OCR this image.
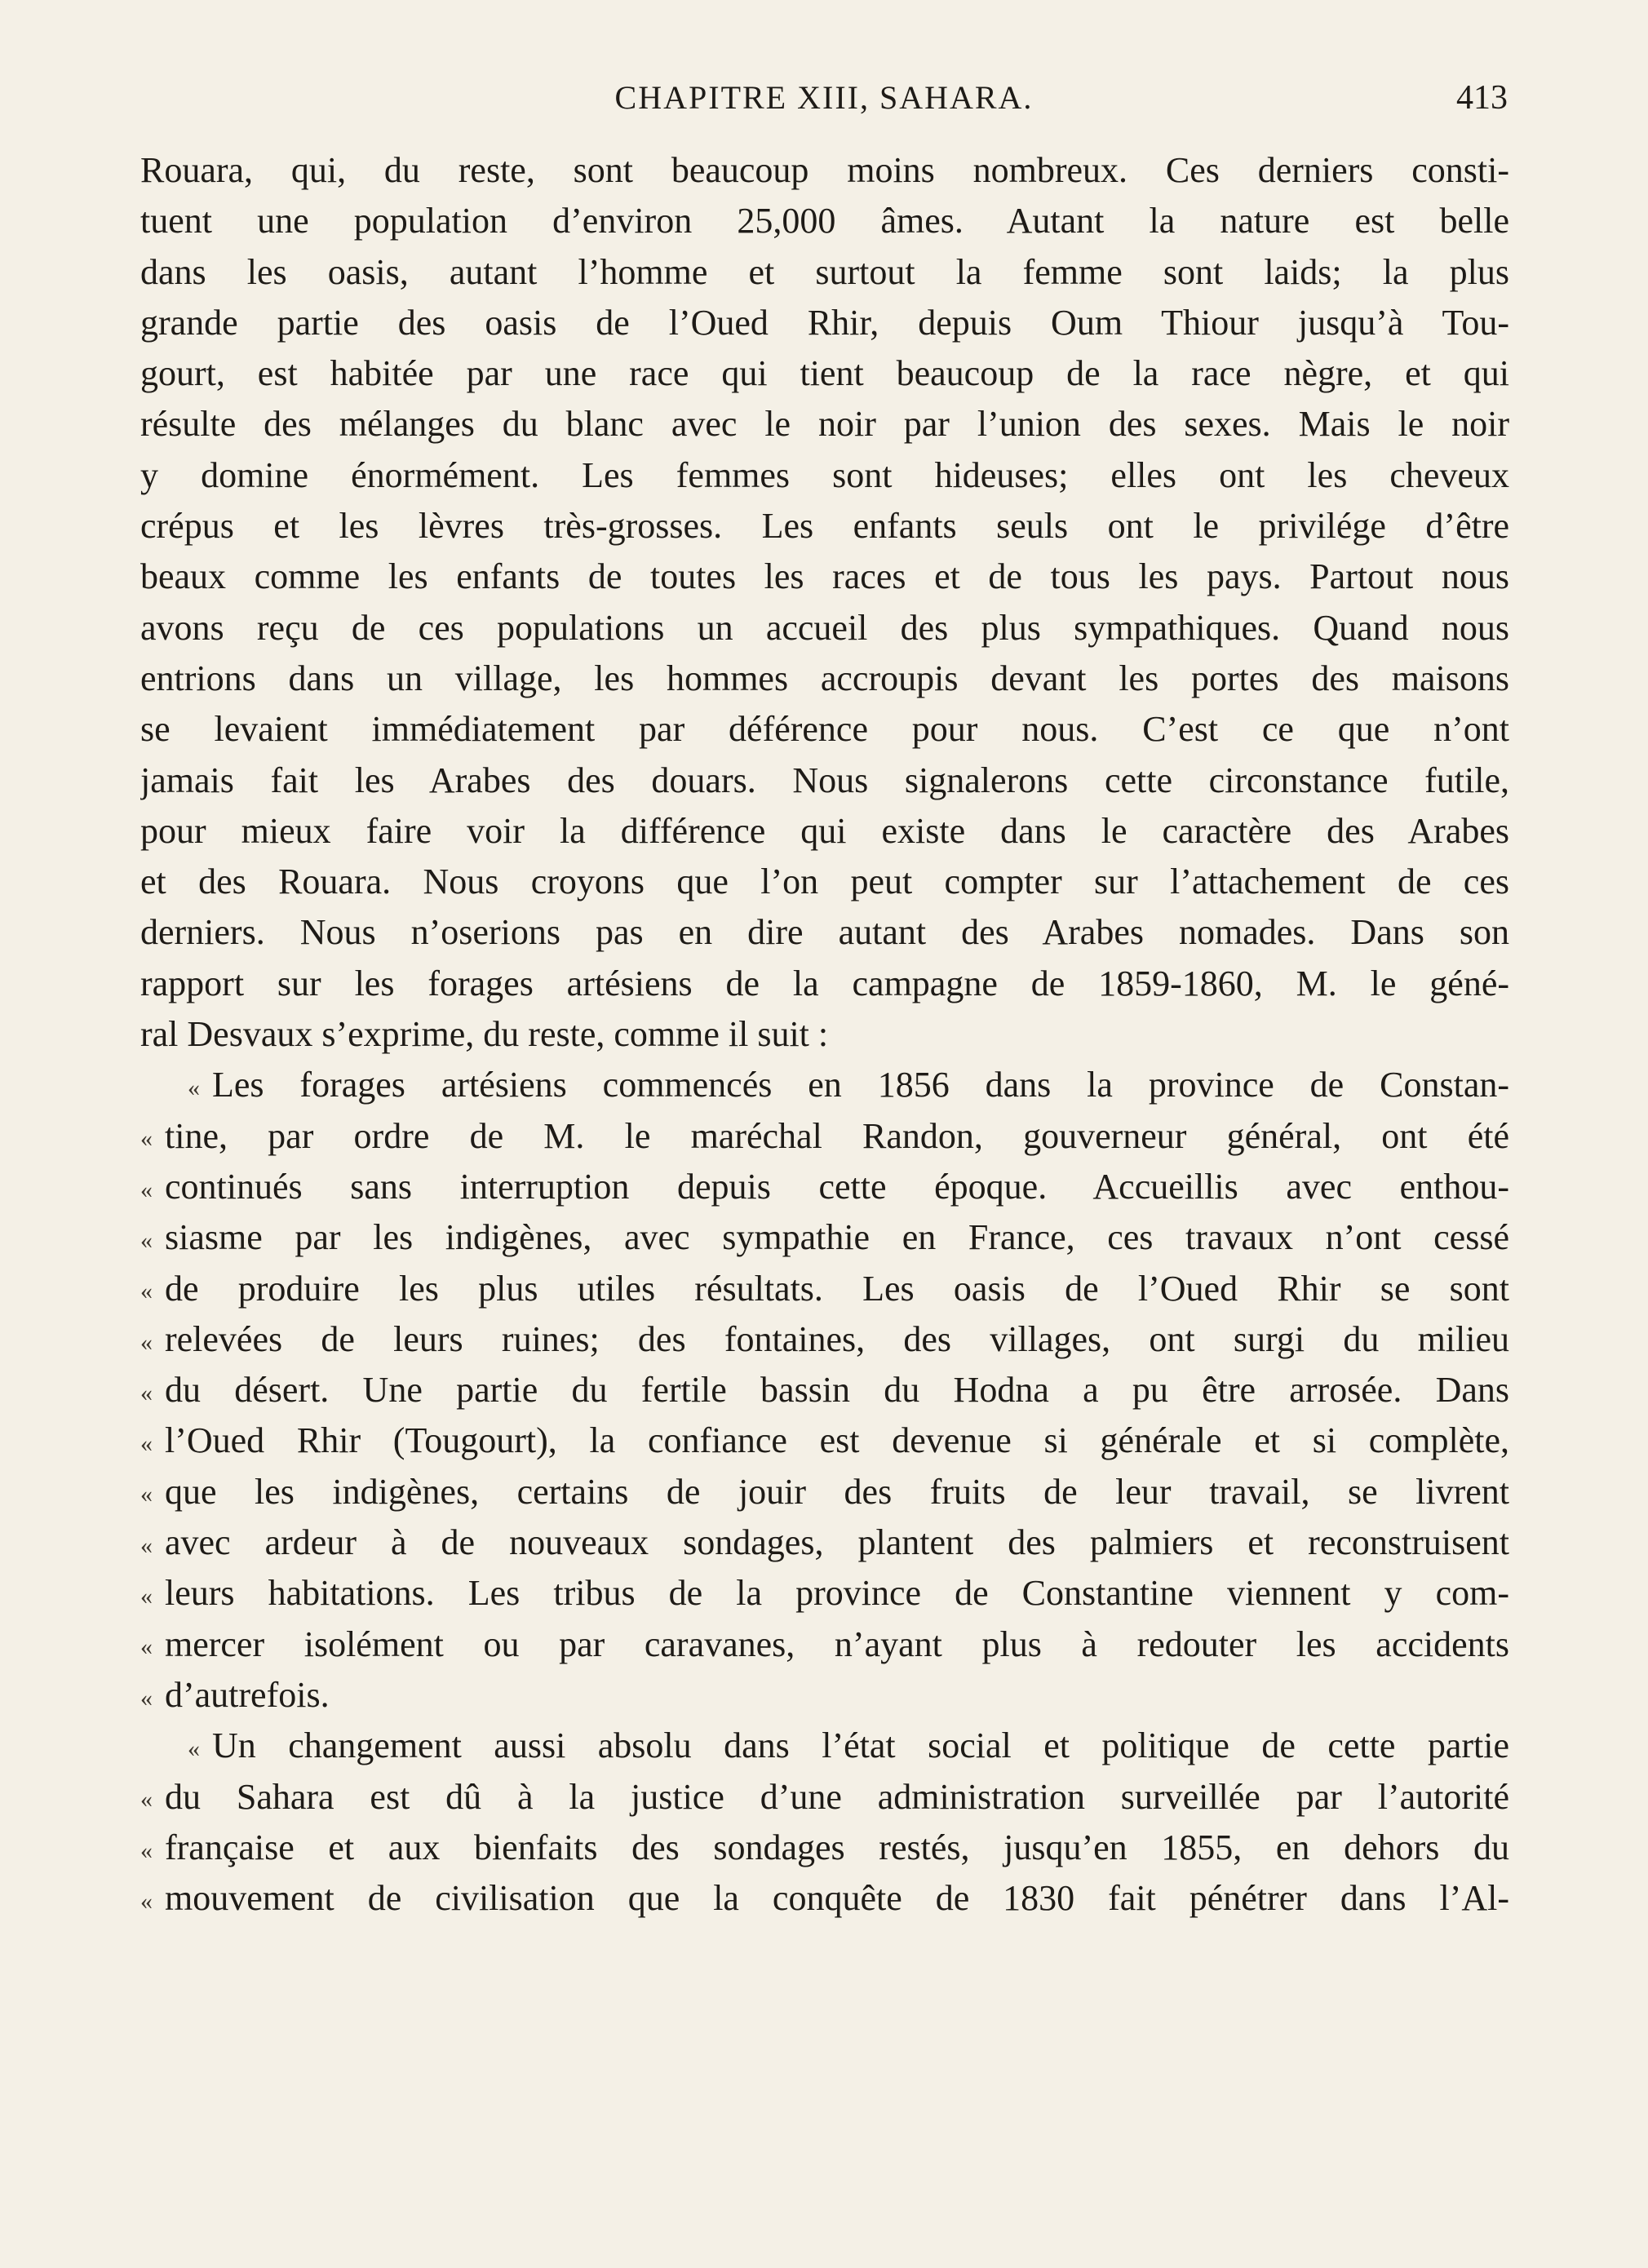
CHAPITRE XIII, SAHARA.	413
Rouara, qui, du reste, sont beaucoup moins nombreux. Ces derniers consti-
tuent une population d’environ 25,000 âmes. Autant la nature est belle
dans les oasis, autant l’homme et surtout la femme sont laids; la plus
grande partie des oasis de l’Oued Rhir, depuis Oum Thiour jusqu’à Tou-
gourt, est habitée par une race qui tient beaucoup de la race nègre, et qui
résulte des mélanges du blanc avec le noir par l’union des sexes. Mais le noir
y domine énormément. Les femmes sont hideuses; elles ont les cheveux
crépus et les lèvres très-grosses. Les enfants seuls ont le privilége d’être
beaux comme les enfants de toutes les races et de tous les pays. Partout nous
avons reçu de ces populations un accueil des plus sympathiques. Quand nous
entrions dans un village, les hommes accroupis devant les portes des maisons
se levaient immédiatement par déférence pour nous. C’est ce que n’ont
jamais fait les Arabes des douars. Nous signalerons cette circonstance futile,
pour mieux faire voir la différence qui existe dans le caractère des Arabes
et des Rouara. Nous croyons que l’on peut compter sur l’attachement de ces
derniers. Nous n’oserions pas en dire autant des Arabes nomades. Dans son
rapport sur les forages artésiens de la campagne de 1859-1860, M. le géné-
ral Desvaux s’exprime, du reste, comme il suit :
« Les forages artésiens commencés en 1856 dans la province de Constan-
« tine, par ordre de M. le maréchal Randon, gouverneur général, ont été
« continués sans interruption depuis cette époque. Accueillis avec enthou-
« siasme par les indigènes, avec sympathie en France, ces travaux n’ont cessé
« de produire les plus utiles résultats. Les oasis de l’Oued Rhir se sont
« relevées de leurs ruines; des fontaines, des villages, ont surgi du milieu
« du désert. Une partie du fertile bassin du Hodna a pu être arrosée. Dans
« l’Oued Rhir (Tougourt), la confiance est devenue si générale et si complète,
« que les indigènes, certains de jouir des fruits de leur travail, se livrent
« avec ardeur à de nouveaux sondages, plantent des palmiers et reconstruisent
« leurs habitations. Les tribus de la province de Constantine viennent y com-
« mercer isolément ou par caravanes, n’ayant plus à redouter les accidents
« d’autrefois.
« Un changement aussi absolu dans l’état social et politique de cette partie
« du Sahara est dû à la justice d’une administration surveillée par l’autorité
« française et aux bienfaits des sondages restés, jusqu’en 1855, en dehors du
« mouvement de civilisation que la conquête de 1830 fait pénétrer dans l’Al-
